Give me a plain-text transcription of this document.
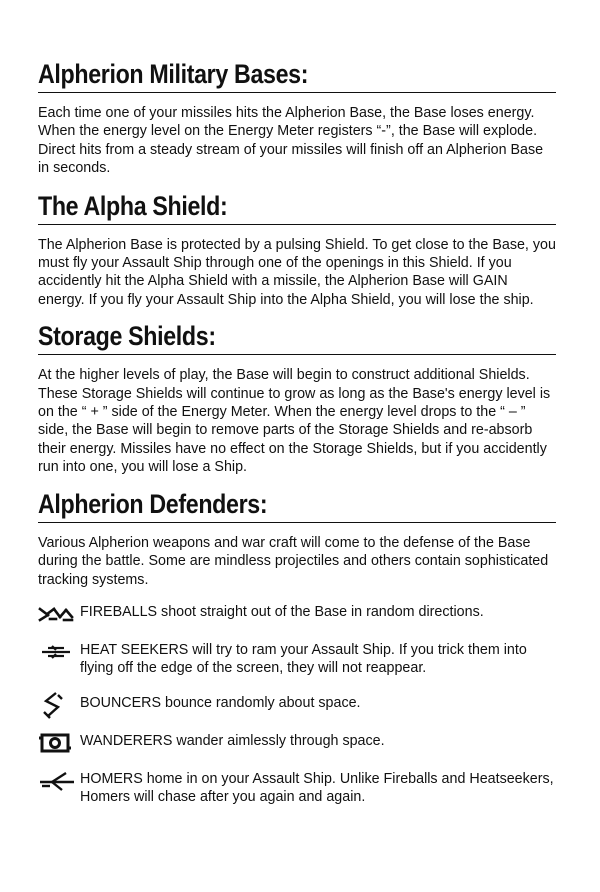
Alpherion Military Bases:

Each time one of your missiles hits the Alpherion Base, the Base loses energy. When the energy level on the Energy Meter registers “-”, the Base will explode. Direct hits from a steady stream of your missiles will finish off an Alpherion Base in seconds.

The Alpha Shield:

The Alpherion Base is protected by a pulsing Shield. To get close to the Base, you must fly your Assault Ship through one of the openings in this Shield. If you accidently hit the Alpha Shield with a missile, the Alpherion Base will GAIN energy. If you fly your Assault Ship into the Alpha Shield, you will lose the ship.

Storage Shields:

At the higher levels of play, the Base will begin to construct additional Shields. These Storage Shields will continue to grow as long as the Base's energy level is on the “ + ” side of the Energy Meter. When the energy level drops to the “ – ” side, the Base will begin to remove parts of the Storage Shields and re-absorb their energy. Missiles have no effect on the Storage Shields, but if you accidently run into one, you will lose a Ship.

Alpherion Defenders:

Various Alpherion weapons and war craft will come to the defense of the Base during the battle. Some are mindless projectiles and others contain sophisticated tracking systems.

FIREBALLS shoot straight out of the Base in random directions.
HEAT SEEKERS will try to ram your Assault Ship. If you trick them into flying off the edge of the screen, they will not reappear.
BOUNCERS bounce randomly about space.
WANDERERS wander aimlessly through space.
HOMERS home in on your Assault Ship. Unlike Fireballs and Heatseekers, Homers will chase after you again and again.
